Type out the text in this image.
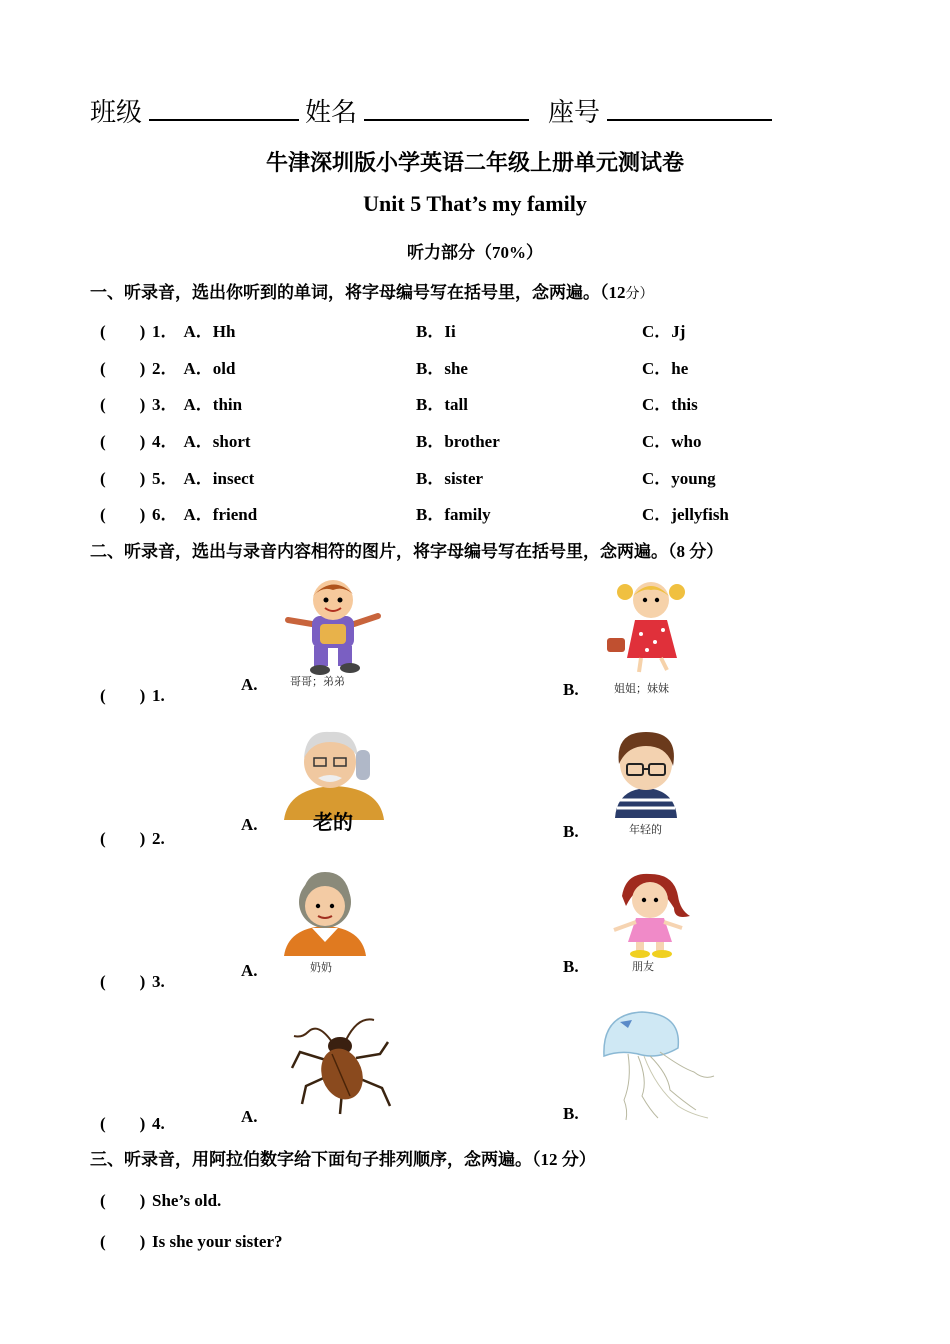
班级	姓名	座号
牛津深圳版小学英语二年级上册单元测试卷
Unit 5 That’s my family
听力部分（70%）
一、听录音，选出你听到的单词，将字母编号写在括号里，念两遍。（12分）
(　　) 1． A．Hh	B．Ii	C．Jj
(　　) 2． A．old	B．she	C．he
(　　) 3． A．thin	B．tall	C．this
(　　) 4． A．short	B．brother	C．who
(　　) 5． A．insect	B．sister	C．young
(　　) 6． A．friend	B．family	C．jellyfish
二、听录音，选出与录音内容相符的图片，将字母编号写在括号里，念两遍。（8 分）
(　　) 1.
A.	哥哥；弟弟	B.	姐姐；妹妹
(　　) 2.
A.	老的	B.	年轻的
(　　) 3.
A.	奶奶	B.	朋友
(　　) 4.	A.	B.
三、听录音，用阿拉伯数字给下面句子排列顺序，念两遍。（12 分）
(　　) She’s old.
(　　) Is she your sister?
